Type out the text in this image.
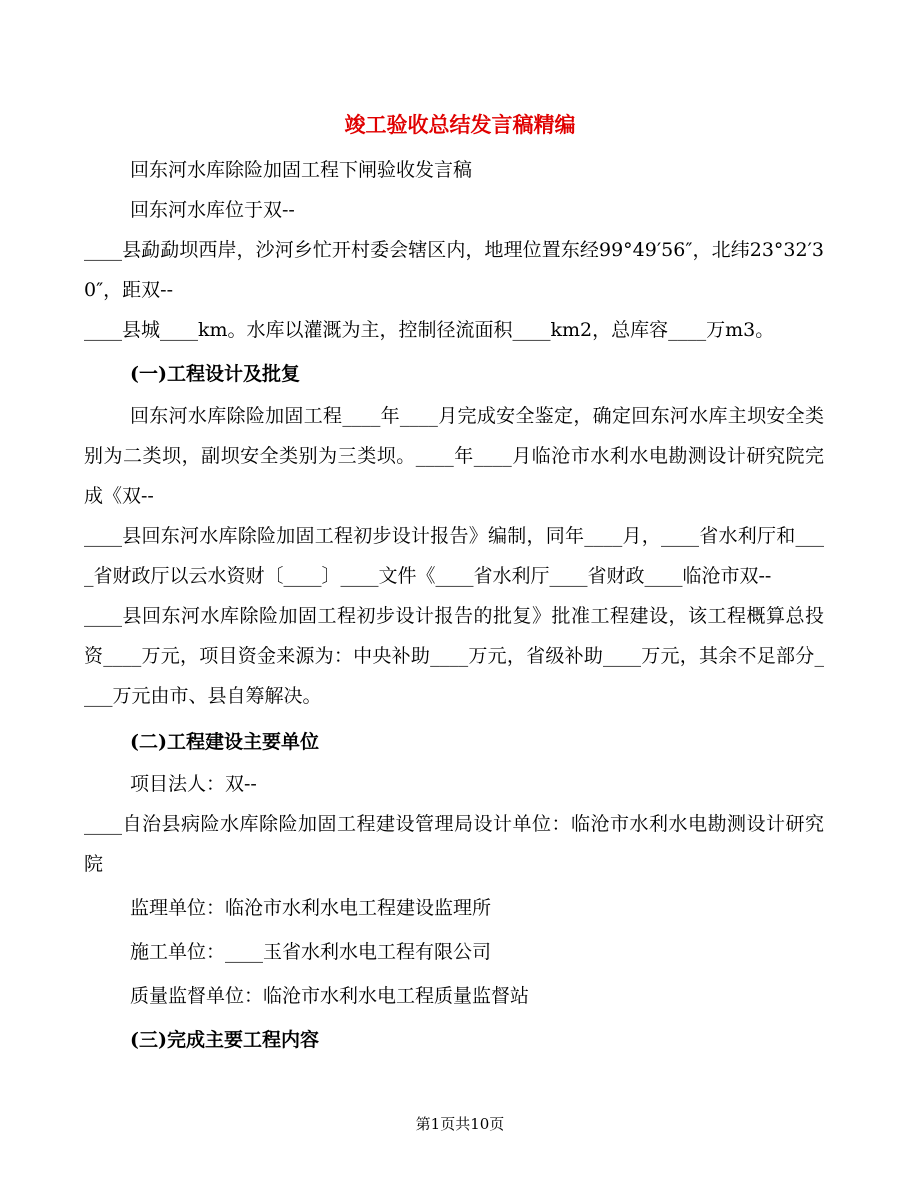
竣工验收总结发言稿精编

回东河水库除险加固工程下闸验收发言稿

回东河水库位于双--

____县勐勐坝西岸，沙河乡忙开村委会辖区内，地理位置东经99°49′56″，北纬23°32′30″，距双--

____县城____km。水库以灌溉为主，控制径流面积____km2，总库容____万m3。

(一)工程设计及批复

回东河水库除险加固工程____年____月完成安全鉴定，确定回东河水库主坝安全类别为二类坝，副坝安全类别为三类坝。____年____月临沧市水利水电勘测设计研究院完成《双--

____县回东河水库除险加固工程初步设计报告》编制，同年____月，____省水利厅和____省财政厅以云水资财〔____〕____文件《____省水利厅____省财政____临沧市双--

____县回东河水库除险加固工程初步设计报告的批复》批准工程建设，该工程概算总投资____万元，项目资金来源为：中央补助____万元，省级补助____万元，其余不足部分____万元由市、县自筹解决。

(二)工程建设主要单位

项目法人：双--

____自治县病险水库除险加固工程建设管理局设计单位：临沧市水利水电勘测设计研究院

监理单位：临沧市水利水电工程建设监理所

施工单位：____玉省水利水电工程有限公司

质量监督单位：临沧市水利水电工程质量监督站

(三)完成主要工程内容

第1页共10页
